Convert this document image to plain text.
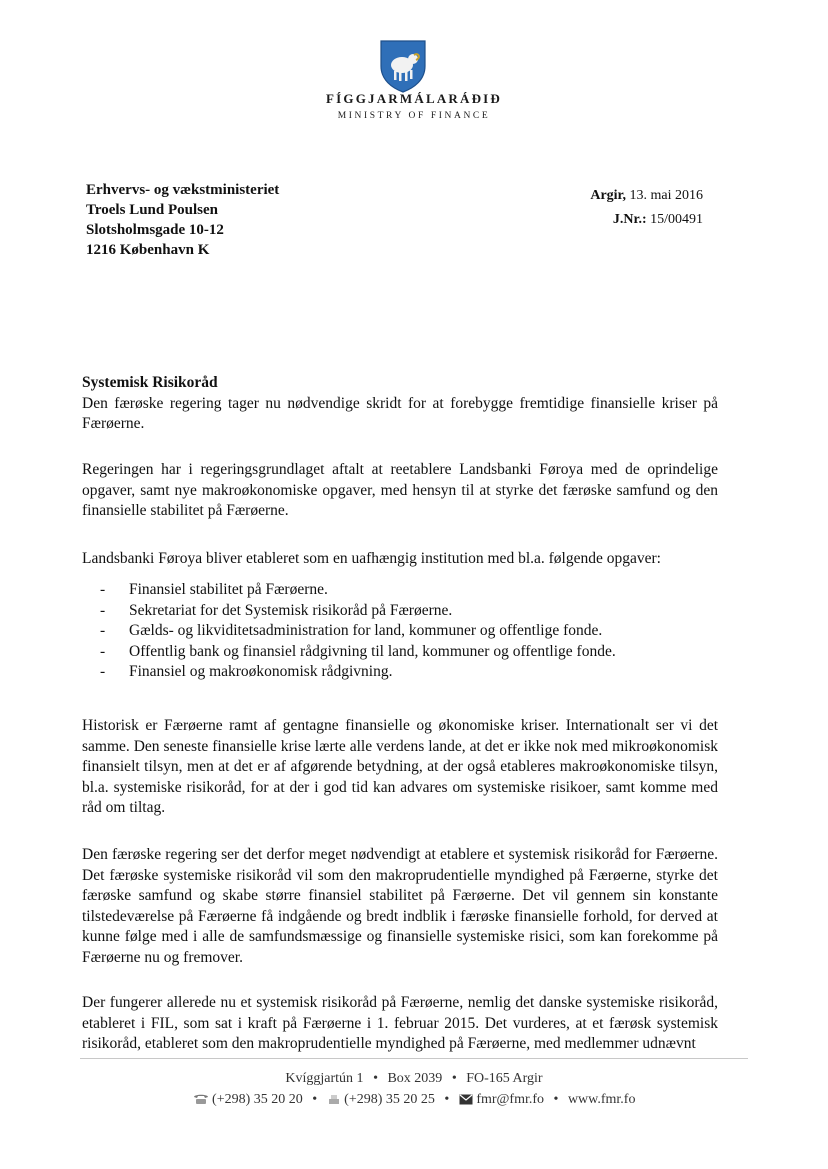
FÍGGJARMÁLARÁÐIÐ
MINISTRY OF FINANCE
Erhvervs- og vækstministeriet
Troels Lund Poulsen
Slotsholmsgade 10-12
1216 København K
Argir, 13. mai 2016
J.Nr.: 15/00491
Systemisk Risikoråd

Den færøske regering tager nu nødvendige skridt for at forebygge fremtidige finansielle kriser på Færøerne.

Regeringen har i regeringsgrundlaget aftalt at reetablere Landsbanki Føroya med de oprindelige opgaver, samt nye makroøkonomiske opgaver, med hensyn til at styrke det færøske samfund og den finansielle stabilitet på Færøerne.

Landsbanki Føroya bliver etableret som en uafhængig institution med bl.a. følgende opgaver:

- Finansiel stabilitet på Færøerne.
- Sekretariat for det Systemisk risikoråd på Færøerne.
- Gælds- og likviditetsadministration for land, kommuner og offentlige fonde.
- Offentlig bank og finansiel rådgivning til land, kommuner og offentlige fonde.
- Finansiel og makroøkonomisk rådgivning.

Historisk er Færøerne ramt af gentagne finansielle og økonomiske kriser. Internationalt ser vi det samme. Den seneste finansielle krise lærte alle verdens lande, at det er ikke nok med mikroøkonomisk finansielt tilsyn, men at det er af afgørende betydning, at der også etableres makroøkonomiske tilsyn, bl.a. systemiske risikoråd, for at der i god tid kan advares om systemiske risikoer, samt komme med råd om tiltag.

Den færøske regering ser det derfor meget nødvendigt at etablere et systemisk risikoråd for Færøerne. Det færøske systemiske risikoråd vil som den makroprudentielle myndighed på Færøerne, styrke det færøske samfund og skabe større finansiel stabilitet på Færøerne. Det vil gennem sin konstante tilstedeværelse på Færøerne få indgående og bredt indblik i færøske finansielle forhold, for derved at kunne følge med i alle de samfundsmæssige og finansielle systemiske risici, som kan forekomme på Færøerne nu og fremover.

Der fungerer allerede nu et systemisk risikoråd på Færøerne, nemlig det danske systemiske risikoråd, etableret i FIL, som sat i kraft på Færøerne i 1. februar 2015. Det vurderes, at et færøsk systemisk risikoråd, etableret som den makroprudentielle myndighed på Færøerne, med medlemmer udnævnt

Kvíggjartún 1 • Box 2039 • FO-165 Argir
(+298) 35 20 20 • (+298) 35 20 25 • fmr@fmr.fo • www.fmr.fo
